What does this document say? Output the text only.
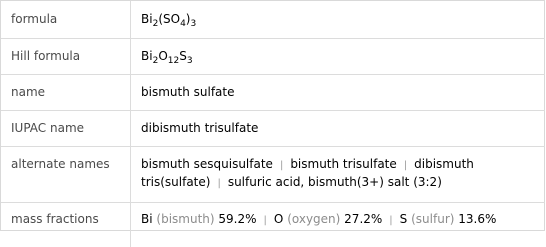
formula	$Bi_2(SO_4)_3$

Hill formula	$Bi_2O_{12}S_3$

name	bismuth sulfate

IUPAC name	dibismuth trisulfate

alternate names	bismuth sesquisulfate | bismuth trisulfate | dibismuth tris(sulfate) | sulfuric acid, bismuth(3+) salt (3:2)

mass fractions	Bi (bismuth) 59.2% | O (oxygen) 27.2% | S (sulfur) 13.6%
